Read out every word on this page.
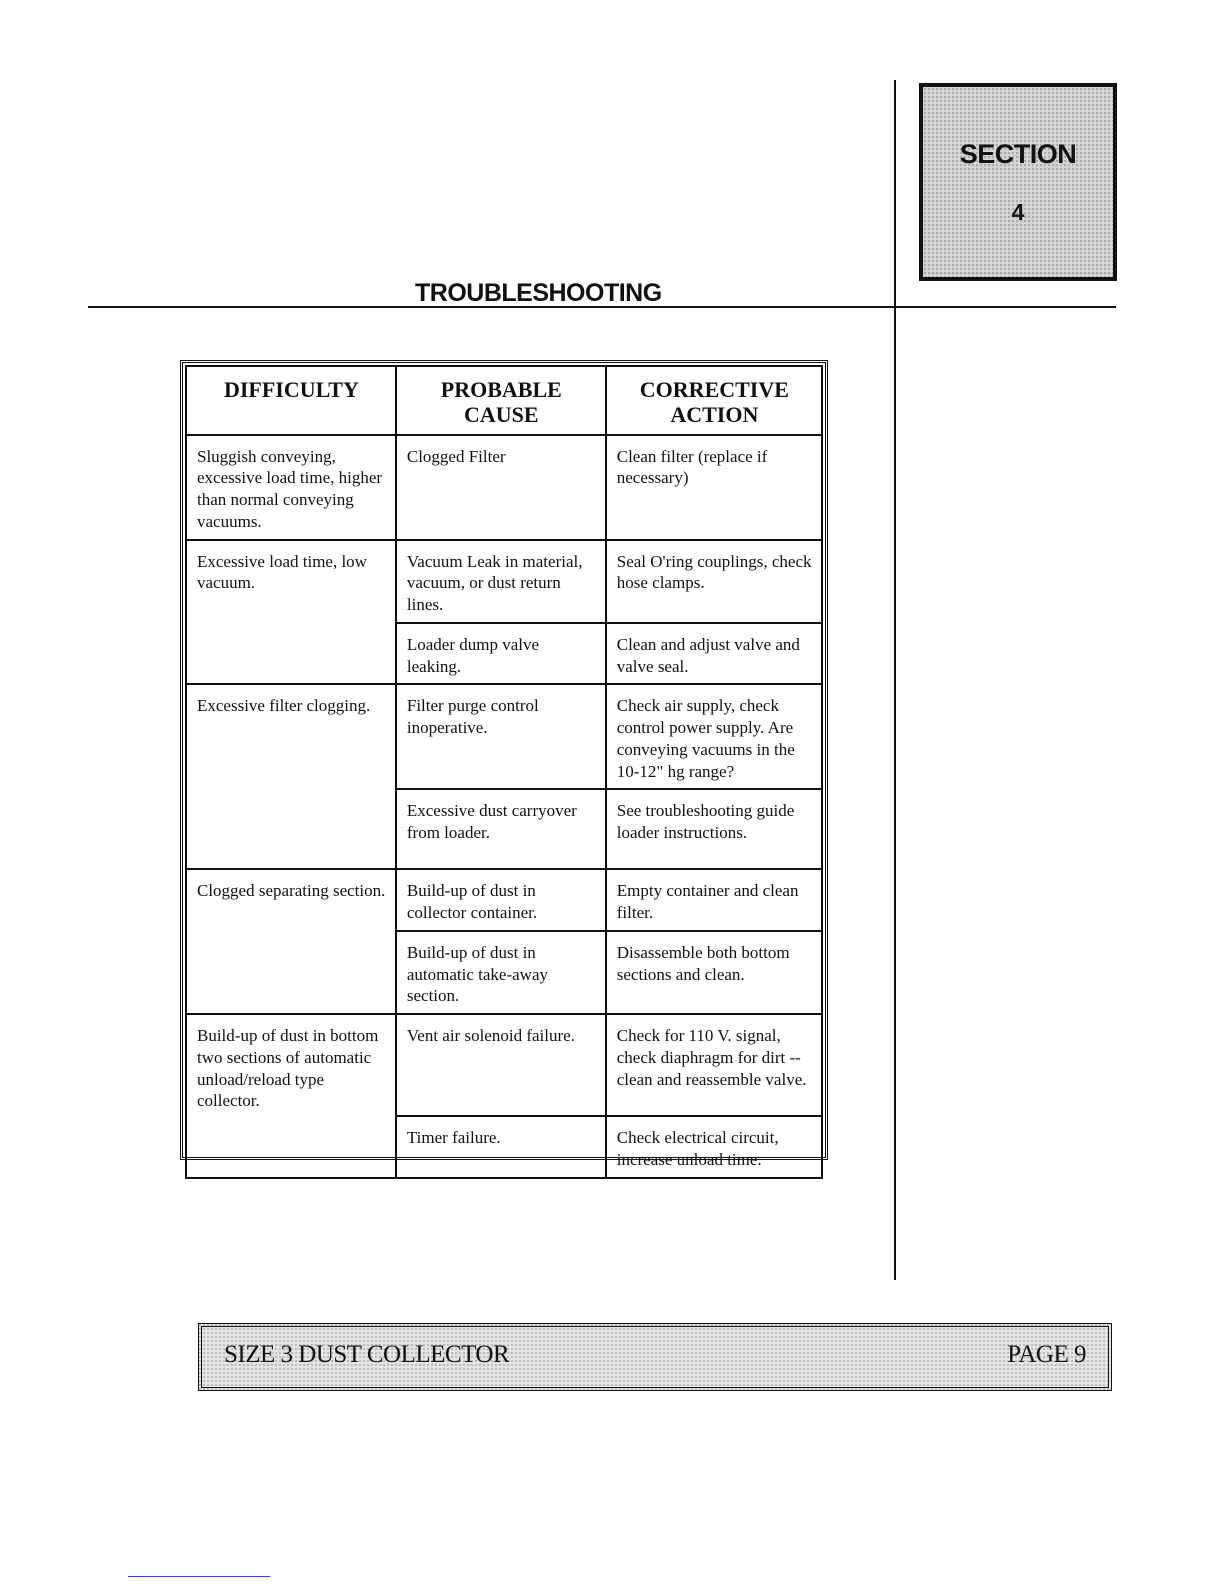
SECTION
4
TROUBLESHOOTING
DIFFICULTY	PROBABLE CAUSE	CORRECTIVE ACTION
Sluggish conveying, excessive load time, higher than normal conveying vacuums.	Clogged Filter	Clean filter (replace if necessary)
Excessive load time, low vacuum.	Vacuum Leak in material, vacuum, or dust return lines.	Seal O'ring couplings, check hose clamps.
	Loader dump valve leaking.	Clean and adjust valve and valve seal.
Excessive filter clogging.	Filter purge control inoperative.	Check air supply, check control power supply. Are conveying vacuums in the 10-12" hg range?
	Excessive dust carryover from loader.	See troubleshooting guide loader instructions.
Clogged separating section.	Build-up of dust in collector container.	Empty container and clean filter.
	Build-up of dust in automatic take-away section.	Disassemble both bottom sections and clean.
Build-up of dust in bottom two sections of automatic unload/reload type collector.	Vent air solenoid failure.	Check for 110 V. signal, check diaphragm for dirt --clean and reassemble valve.
	Timer failure.	Check electrical circuit, increase unload time.
SIZE 3 DUST COLLECTOR	PAGE 9
